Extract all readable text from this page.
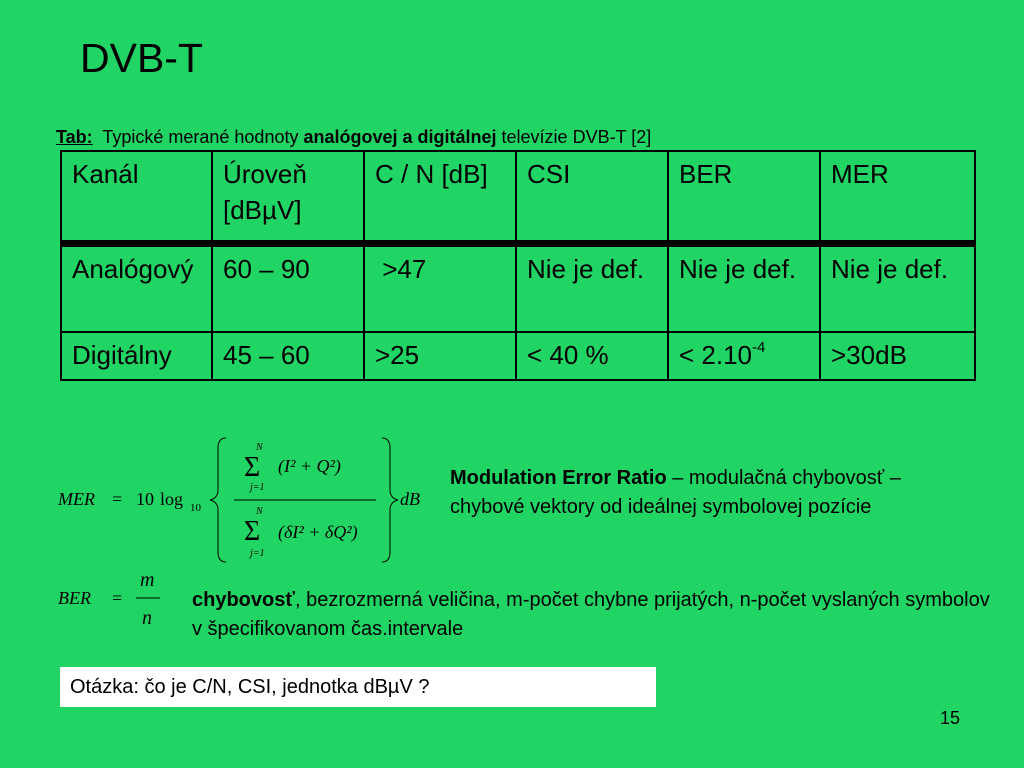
DVB-T
Tab: Typické merané hodnoty analógovej a digitálnej televízie DVB-T [2]
Kanál	Úroveň [dBµV]	C / N [dB]	CSI	BER	MER
Analógový	60 – 90	>47	Nie je def.	Nie je def.	Nie je def.
Digitálny	45 – 60	>25	< 40 %	< $2.10^{-4}$	>30dB
MER = 10 log 10
N
Σ
j=1
(I² + Q²)
N
Σ
j=1
(δI² + δQ²)
dB
Modulation Error Ratio – modulačná chybovosť – chybové vektory od ideálnej symbolovej pozície
BER =
m
n
chybovosť, bezrozmerná veličina, m-počet chybne prijatých, n-počet vyslaných symbolov v špecifikovanom čas.intervale
Otázka: čo je C/N, CSI, jednotka dBµV ?
15
